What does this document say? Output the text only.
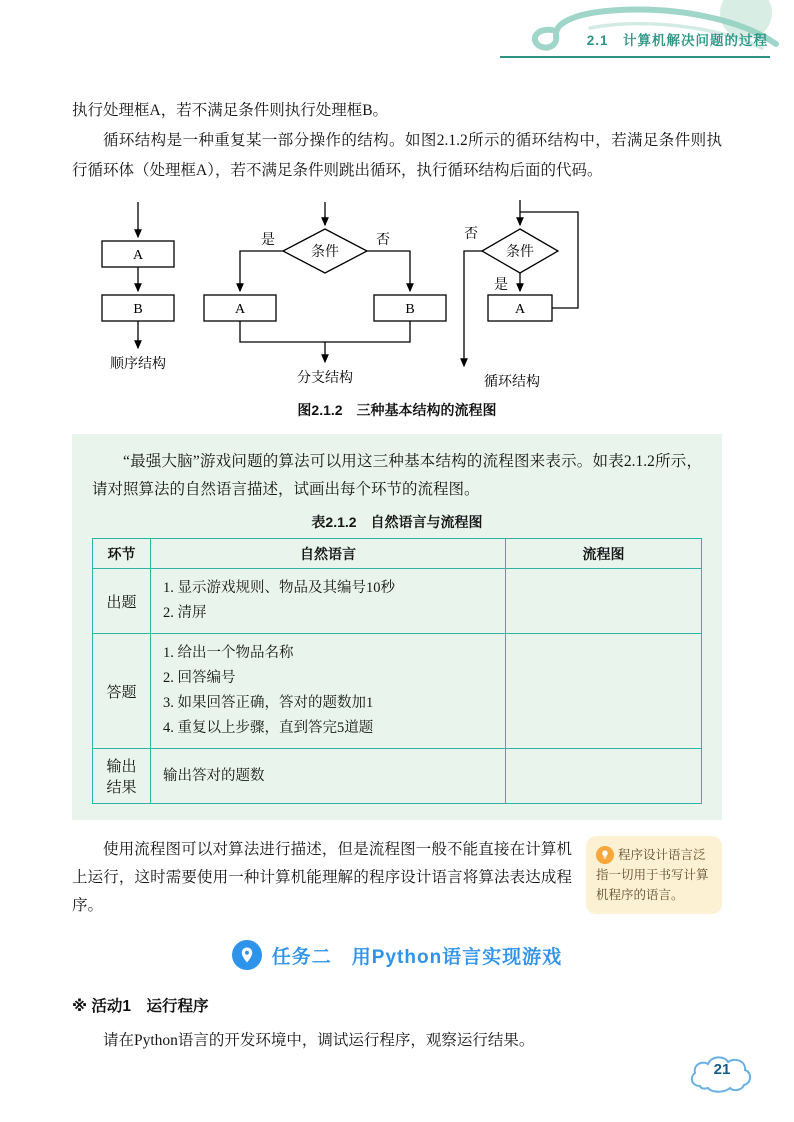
2.1　计算机解决问题的过程

执行处理框A，若不满足条件则执行处理框B。

循环结构是一种重复某一部分操作的结构。如图2.1.2所示的循环结构中，若满足条件则执行循环体（处理框A），若不满足条件则跳出循环，执行循环结构后面的代码。

A
B
顺序结构
条件
是	否
A	B
分支结构
条件
否
是
A
循环结构
图2.1.2　三种基本结构的流程图

“最强大脑”游戏问题的算法可以用这三种基本结构的流程图来表示。如表2.1.2所示，请对照算法的自然语言描述，试画出每个环节的流程图。

表2.1.2　自然语言与流程图
环节	自然语言	流程图
出题	1. 显示游戏规则、物品及其编号10秒
2. 清屏	

答题	1. 给出一个物品名称
2. 回答编号
3. 如果回答正确，答对的题数加1
4. 重复以上步骤，直到答完5道题	

输出结果	输出答对的题数	

使用流程图可以对算法进行描述，但是流程图一般不能直接在计算机上运行，这时需要使用一种计算机能理解的程序设计语言将算法表达成程序。

程序设计语言泛指一切用于书写计算机程序的语言。
任务二　用Python语言实现游戏
※ 活动1　运行程序

请在Python语言的开发环境中，调试运行程序，观察运行结果。

21
